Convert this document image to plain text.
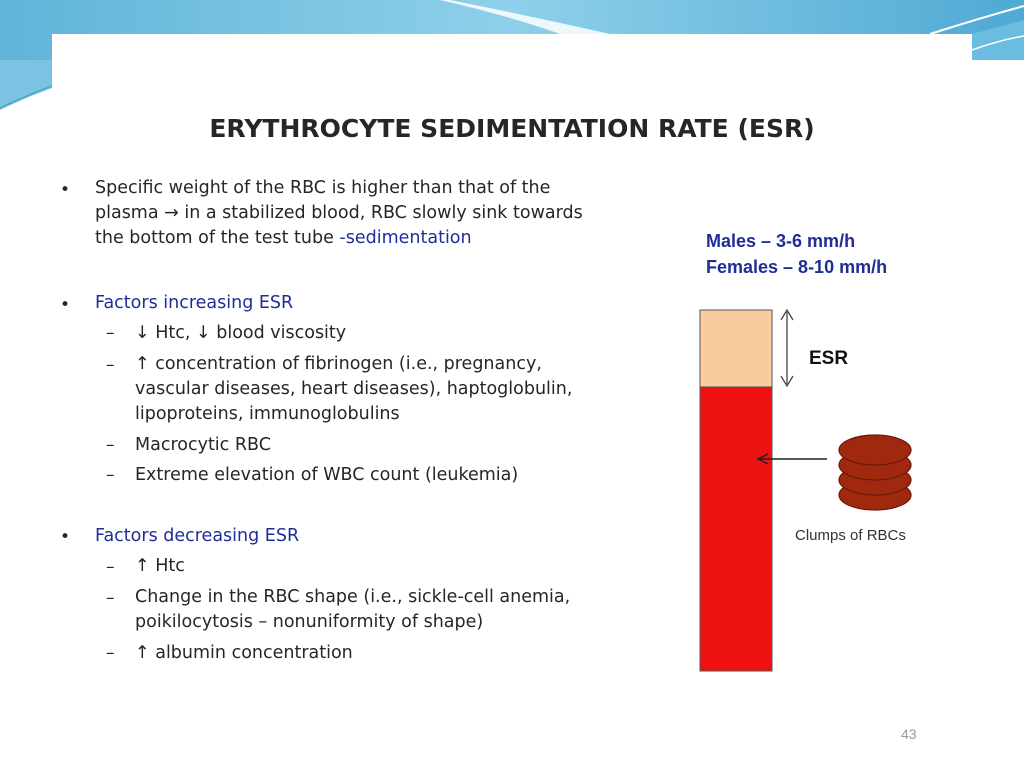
ERYTHROCYTE SEDIMENTATION RATE (ESR)
• Specific weight of the RBC is higher than that of the
plasma → in a stabilized blood, RBC slowly sink towards
the bottom of the test tube -sedimentation
• Factors increasing ESR
– ↓ Htc, ↓ blood viscosity
– ↑ concentration of fibrinogen (i.e., pregnancy,
vascular diseases, heart diseases), haptoglobulin,
lipoproteins, immunoglobulins
– Macrocytic RBC
– Extreme elevation of WBC count (leukemia)
• Factors decreasing ESR
– ↑ Htc
– Change in the RBC shape (i.e., sickle-cell anemia,
poikilocytosis – nonuniformity of shape)
– ↑ albumin concentration
Males – 3-6 mm/h
Females – 8-10 mm/h
ESR
Clumps of RBCs
43
